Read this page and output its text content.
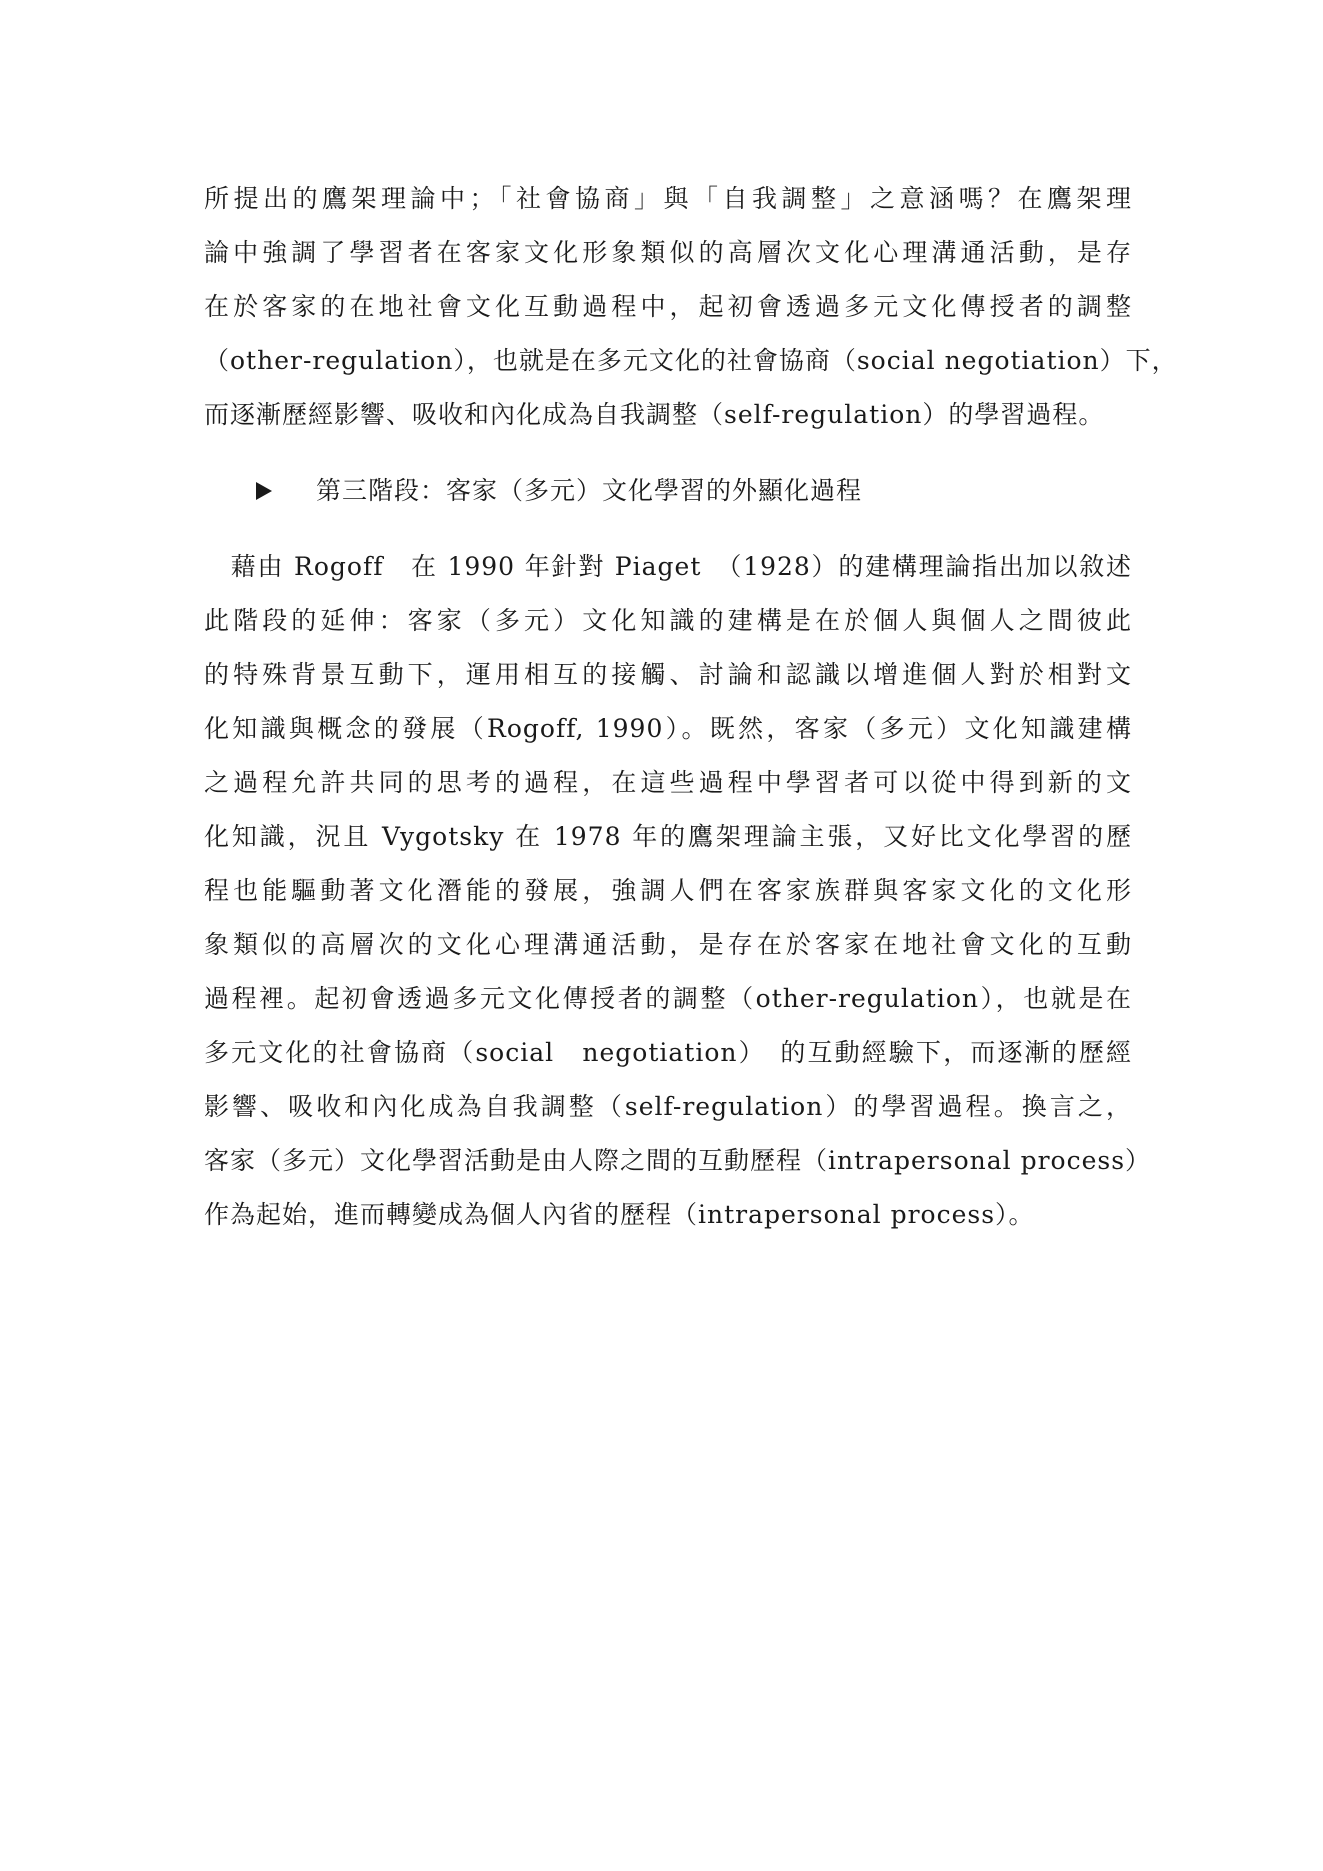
所提出的鷹架理論中；「社會協商」與「自我調整」之意涵嗎？在鷹架理
論中強調了學習者在客家文化形象類似的高層次文化心理溝通活動，是存
在於客家的在地社會文化互動過程中，起初會透過多元文化傳授者的調整
（other-regulation），也就是在多元文化的社會協商（social negotiation）下，
而逐漸歷經影響、吸收和內化成為自我調整（self-regulation）的學習過程。
第三階段：客家（多元）文化學習的外顯化過程
　藉由 Rogoff　在 1990 年針對 Piaget　（1928）的建構理論指出加以敘述
此階段的延伸：客家（多元）文化知識的建構是在於個人與個人之間彼此
的特殊背景互動下，運用相互的接觸、討論和認識以增進個人對於相對文
化知識與概念的發展（Rogoff, 1990）。既然，客家（多元）文化知識建構
之過程允許共同的思考的過程，在這些過程中學習者可以從中得到新的文
化知識，況且 Vygotsky 在 1978 年的鷹架理論主張，又好比文化學習的歷
程也能驅動著文化潛能的發展，強調人們在客家族群與客家文化的文化形
象類似的高層次的文化心理溝通活動，是存在於客家在地社會文化的互動
過程裡。起初會透過多元文化傳授者的調整（other-regulation），也就是在
多元文化的社會協商（social　negotiation）　的互動經驗下，而逐漸的歷經
影響、吸收和內化成為自我調整（self-regulation）的學習過程。換言之，
客家（多元）文化學習活動是由人際之間的互動歷程（intrapersonal process）
作為起始，進而轉變成為個人內省的歷程（intrapersonal process）。
